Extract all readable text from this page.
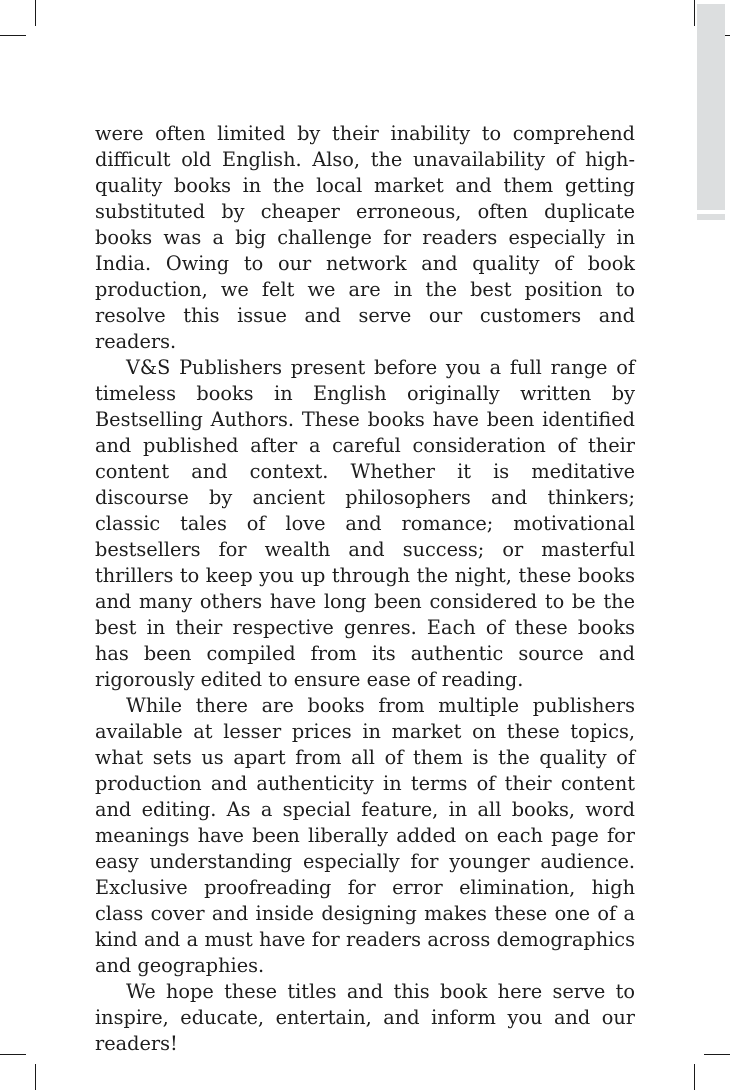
were often limited by their inability to comprehend difficult old English. Also, the unavailability of high-quality books in the local market and them getting substituted by cheaper erroneous, often duplicate books was a big challenge for readers especially in India. Owing to our network and quality of book production, we felt we are in the best position to resolve this issue and serve our customers and readers.

V&S Publishers present before you a full range of timeless books in English originally written by Bestselling Authors. These books have been identified and published after a careful consideration of their content and context. Whether it is meditative discourse by ancient philosophers and thinkers; classic tales of love and romance; motivational bestsellers for wealth and success; or masterful thrillers to keep you up through the night, these books and many others have long been considered to be the best in their respective genres. Each of these books has been compiled from its authentic source and rigorously edited to ensure ease of reading.

While there are books from multiple publishers available at lesser prices in market on these topics, what sets us apart from all of them is the quality of production and authenticity in terms of their content and editing. As a special feature, in all books, word meanings have been liberally added on each page for easy understanding especially for younger audience. Exclusive proofreading for error elimination, high class cover and inside designing makes these one of a kind and a must have for readers across demographics and geographies.

We hope these titles and this book here serve to inspire, educate, entertain, and inform you and our readers!
